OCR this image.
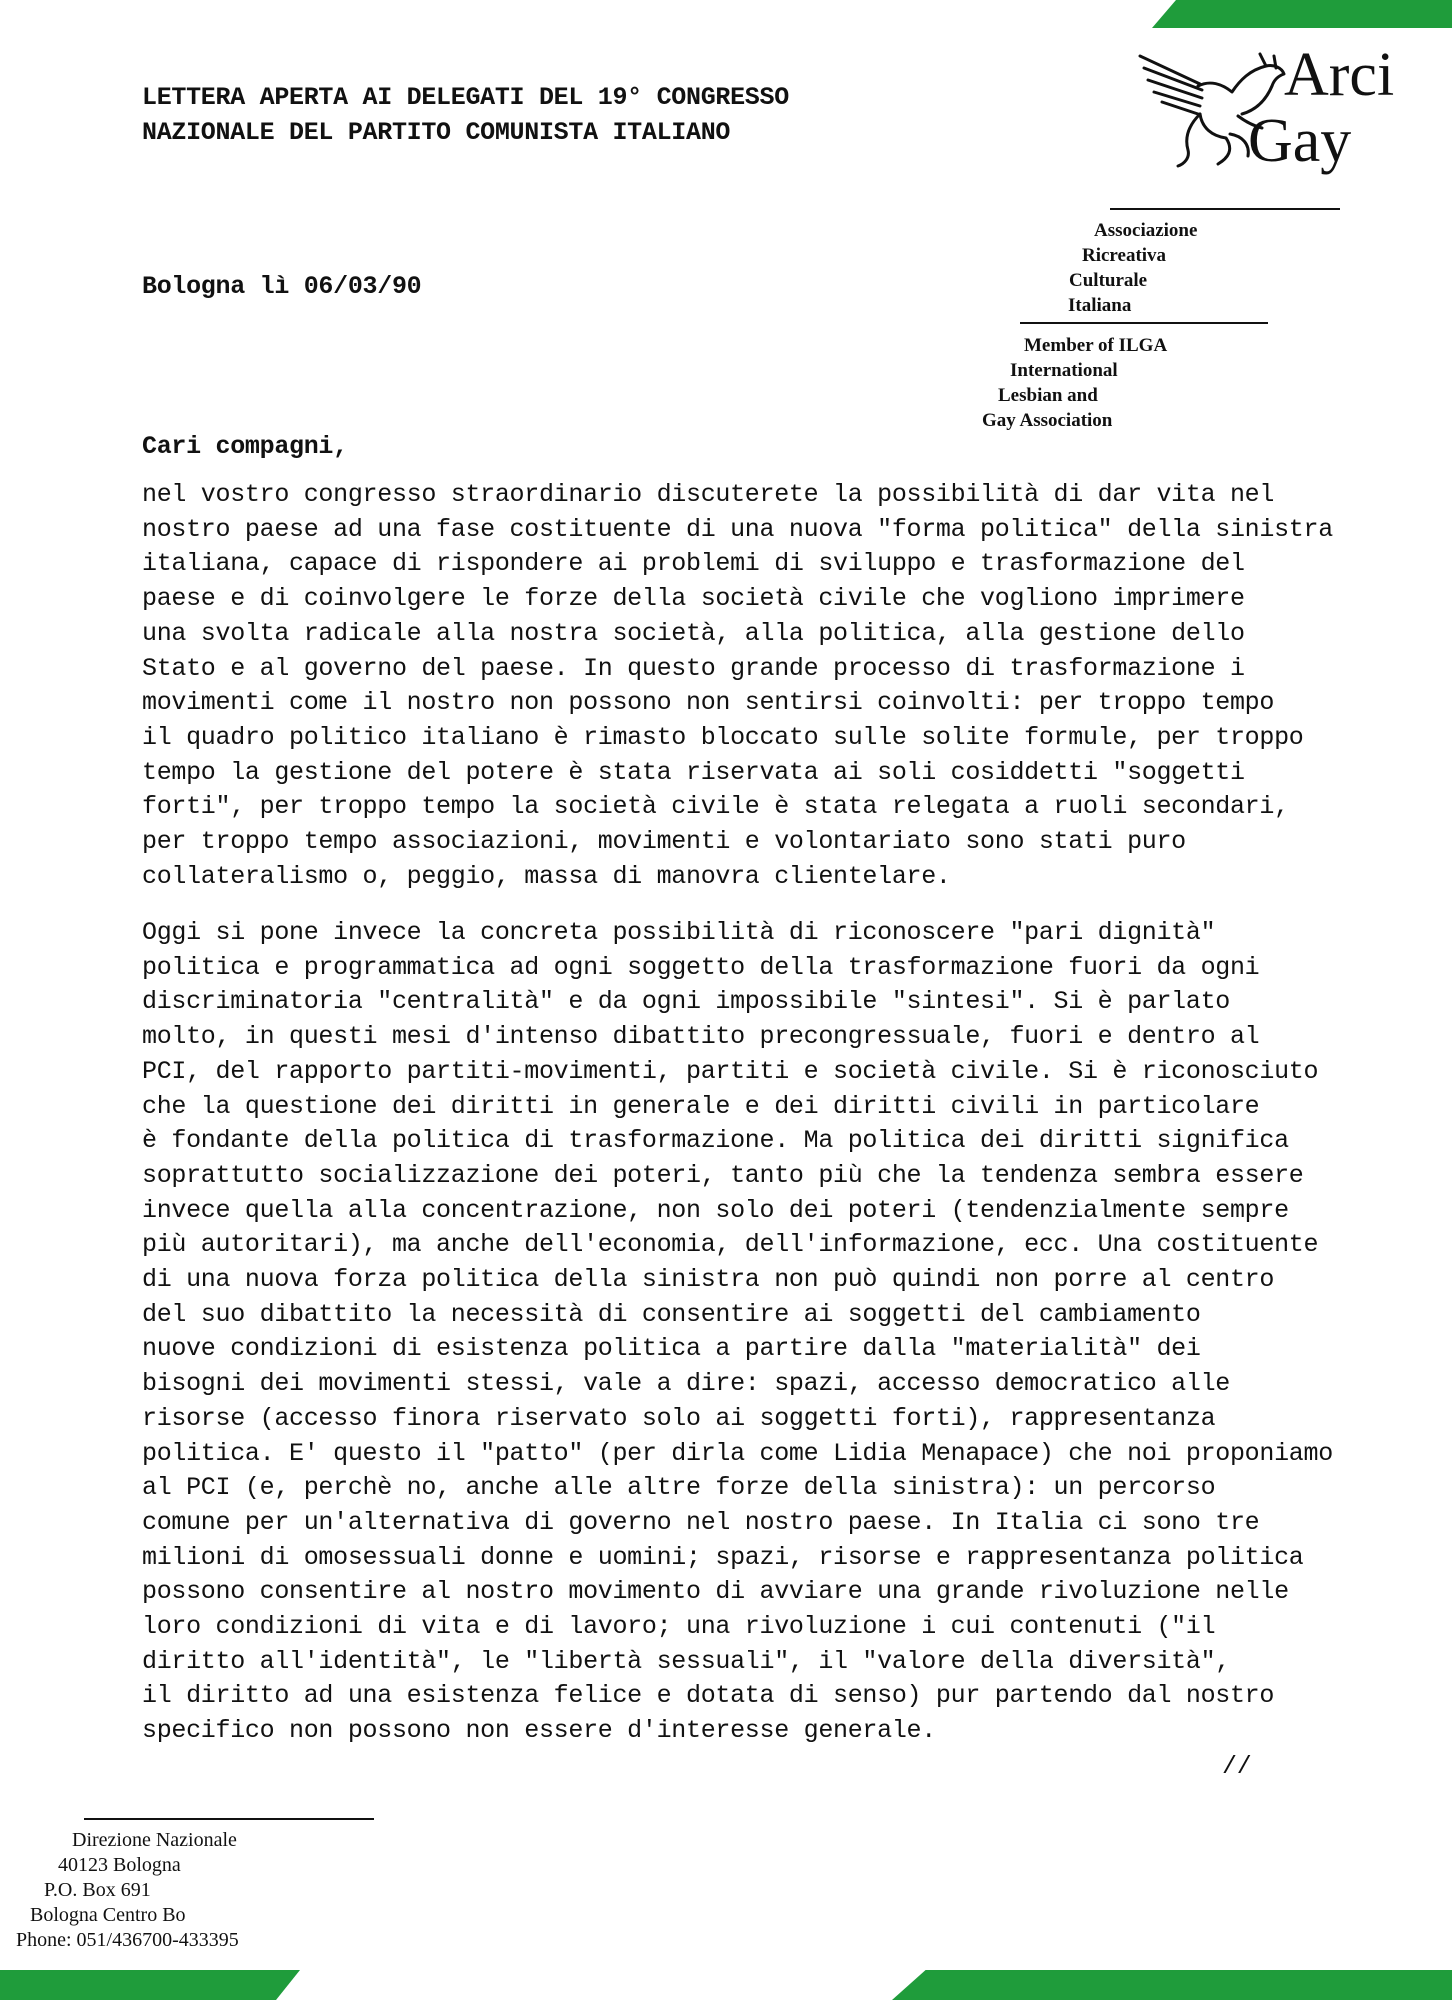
LETTERA APERTA AI DELEGATI DEL 19° CONGRESSO
NAZIONALE DEL PARTITO COMUNISTA ITALIANO
Bologna lì 06/03/90
Arci
Gay
Associazione
Ricreativa
Culturale
Italiana
Member of ILGA
International
Lesbian and
Gay Association
Cari compagni,
nel vostro congresso straordinario discuterete la possibilità di dar vita nel
nostro paese ad una fase costituente di una nuova "forma politica" della sinistra
italiana, capace di rispondere ai problemi di sviluppo e trasformazione del
paese e di coinvolgere le forze della società civile che vogliono imprimere
una svolta radicale alla nostra società, alla politica, alla gestione dello
Stato e al governo del paese. In questo grande processo di trasformazione i
movimenti come il nostro non possono non sentirsi coinvolti: per troppo tempo
il quadro politico italiano è rimasto bloccato sulle solite formule, per troppo
tempo la gestione del potere è stata riservata ai soli cosiddetti "soggetti
forti", per troppo tempo la società civile è stata relegata a ruoli secondari,
per troppo tempo associazioni, movimenti e volontariato sono stati puro
collateralismo o, peggio, massa di manovra clientelare.
Oggi si pone invece la concreta possibilità di riconoscere "pari dignità"
politica e programmatica ad ogni soggetto della trasformazione fuori da ogni
discriminatoria "centralità" e da ogni impossibile "sintesi". Si è parlato
molto, in questi mesi d'intenso dibattito precongressuale, fuori e dentro al
PCI, del rapporto partiti-movimenti, partiti e società civile. Si è riconosciuto
che la questione dei diritti in generale e dei diritti civili in particolare
è fondante della politica di trasformazione. Ma politica dei diritti significa
soprattutto socializzazione dei poteri, tanto più che la tendenza sembra essere
invece quella alla concentrazione, non solo dei poteri (tendenzialmente sempre
più autoritari), ma anche dell'economia, dell'informazione, ecc. Una costituente
di una nuova forza politica della sinistra non può quindi non porre al centro
del suo dibattito la necessità di consentire ai soggetti del cambiamento
nuove condizioni di esistenza politica a partire dalla "materialità" dei
bisogni dei movimenti stessi, vale a dire: spazi, accesso democratico alle
risorse (accesso finora riservato solo ai soggetti forti), rappresentanza
politica. E' questo il "patto" (per dirla come Lidia Menapace) che noi proponiamo
al PCI (e, perchè no, anche alle altre forze della sinistra): un percorso
comune per un'alternativa di governo nel nostro paese. In Italia ci sono tre
milioni di omosessuali donne e uomini; spazi, risorse e rappresentanza politica
possono consentire al nostro movimento di avviare una grande rivoluzione nelle
loro condizioni di vita e di lavoro; una rivoluzione i cui contenuti ("il
diritto all'identità", le "libertà sessuali", il "valore della diversità",
il diritto ad una esistenza felice e dotata di senso) pur partendo dal nostro
specifico non possono non essere d'interesse generale.
//
Direzione Nazionale
40123 Bologna
P.O. Box 691
Bologna Centro Bo
Phone: 051/436700-433395
